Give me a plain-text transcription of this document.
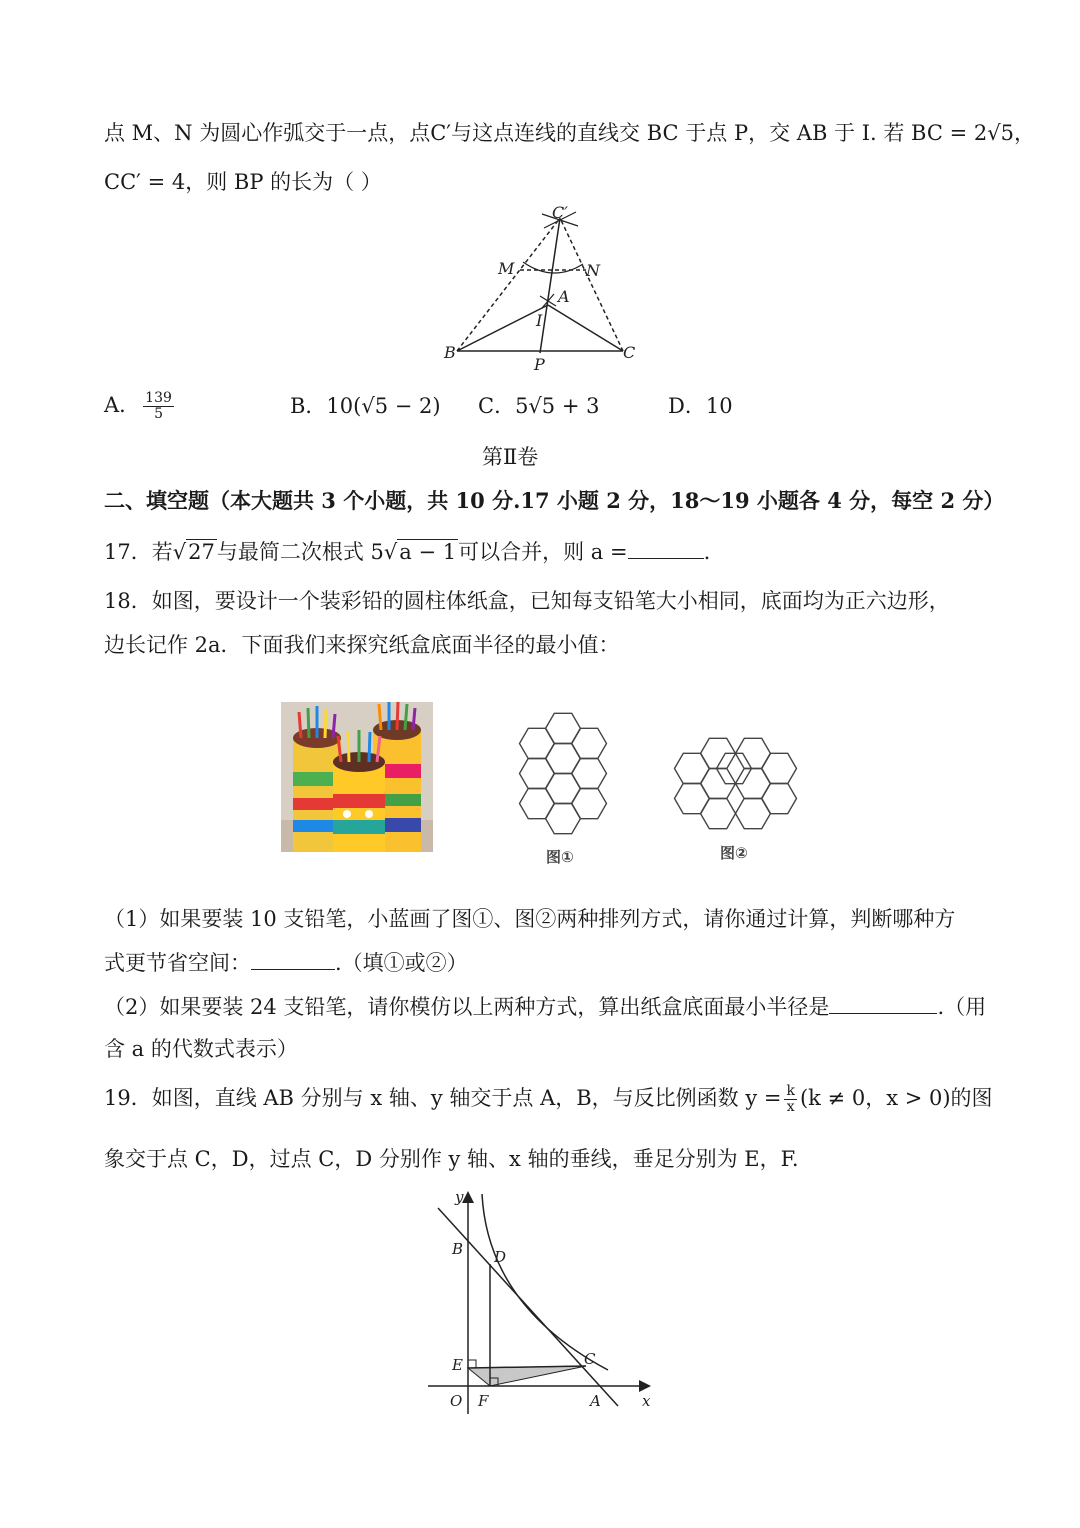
点 M、N 为圆心作弧交于一点，点C′与这点连线的直线交 BC 于点 P，交 AB 于 I. 若 BC = 2√5，
CC′ = 4，则 BP 的长为（ ）
C′
M	N
A
I
B	C
P
A． $\frac{139}{5}$	B．10(√5 − 2) C．5√5 + 3	D．10
第Ⅱ卷
二、填空题（本大题共 3 个小题，共 10 分.17 小题 2 分，18～19 小题各 4 分，每空 2 分）
17．若√27与最简二次根式 5√a − 1可以合并，则 a =	.
18．如图，要设计一个装彩铅的圆柱体纸盒，已知每支铅笔大小相同，底面均为正六边形，
边长记作 2a．下面我们来探究纸盒底面半径的最小值：
图①	图②
（1）如果要装 10 支铅笔，小蓝画了图①、图②两种排列方式，请你通过计算，判断哪种方
式更节省空间：	.（填①或②）
（2）如果要装 24 支铅笔，请你模仿以上两种方式，算出纸盒底面最小半径是	.（用
含 a 的代数式表示）
19．如图，直线 AB 分别与 x 轴、y 轴交于点 A，B，与反比例函数 $y = \frac{k}{x} (k \ne 0$，x > 0)的图
象交于点 C，D，过点 C，D 分别作 y 轴、x 轴的垂线，垂足分别为 E，F.
y
B D
E	C
O F	A	x
